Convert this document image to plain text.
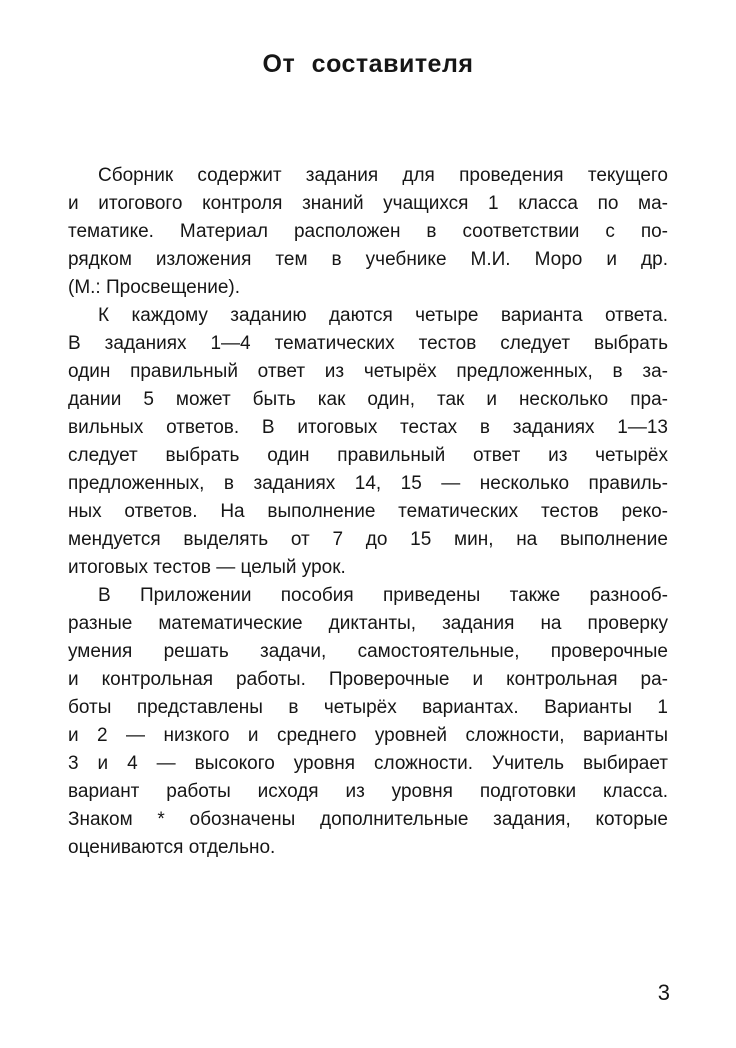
От составителя
Сборник содержит задания для проведения текущего
и итогового контроля знаний учащихся 1 класса по ма-
тематике. Материал расположен в соответствии с по-
рядком изложения тем в учебнике М.И. Моро и др.
(М.: Просвещение).
К каждому заданию даются четыре варианта ответа.
В заданиях 1—4 тематических тестов следует выбрать
один правильный ответ из четырёх предложенных, в за-
дании 5 может быть как один, так и несколько пра-
вильных ответов. В итоговых тестах в заданиях 1—13
следует выбрать один правильный ответ из четырёх
предложенных, в заданиях 14, 15 — несколько правиль-
ных ответов. На выполнение тематических тестов реко-
мендуется выделять от 7 до 15 мин, на выполнение
итоговых тестов — целый урок.
В Приложении пособия приведены также разнооб-
разные математические диктанты, задания на проверку
умения решать задачи, самостоятельные, проверочные
и контрольная работы. Проверочные и контрольная ра-
боты представлены в четырёх вариантах. Варианты 1
и 2 — низкого и среднего уровней сложности, варианты
3 и 4 — высокого уровня сложности. Учитель выбирает
вариант работы исходя из уровня подготовки класса.
Знаком * обозначены дополнительные задания, которые
оцениваются отдельно.
3
